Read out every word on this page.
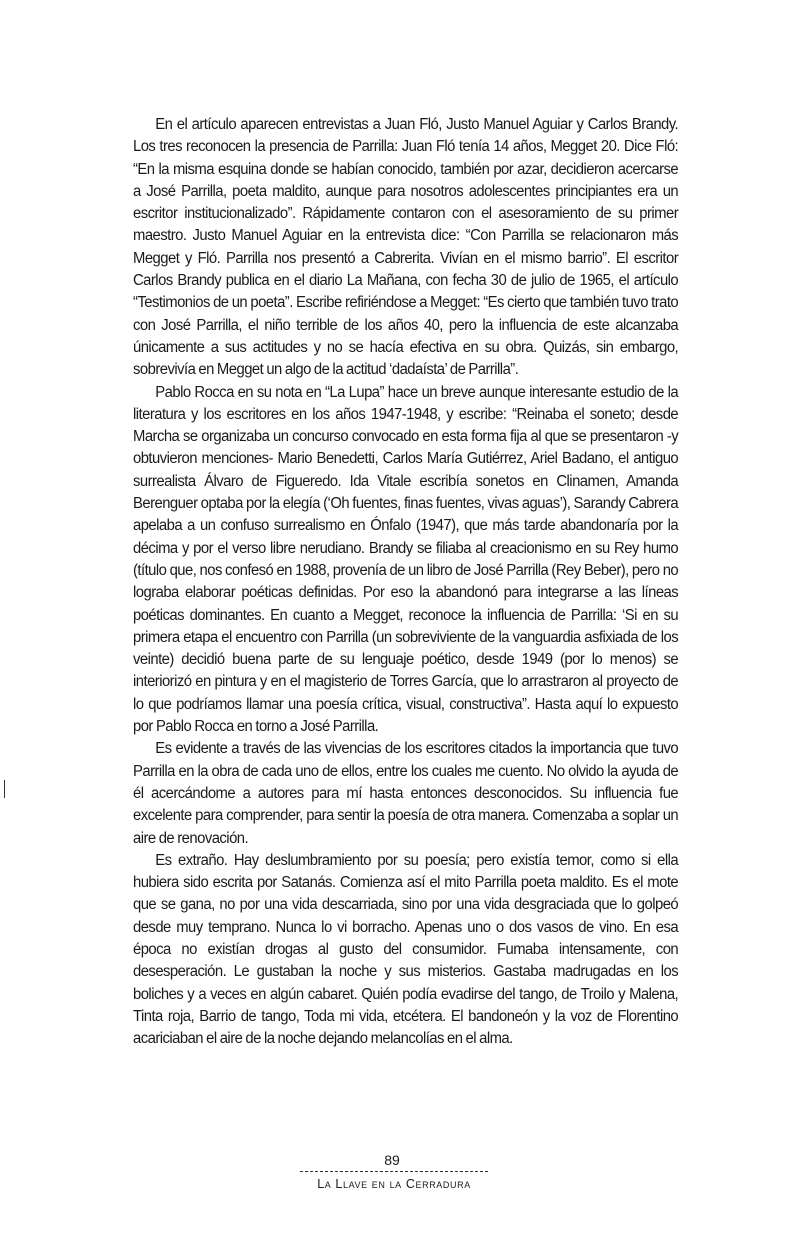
En el artículo aparecen entrevistas a Juan Fló, Justo Manuel Aguiar y Carlos Brandy. Los tres reconocen la presencia de Parrilla: Juan Fló tenía 14 años, Megget 20. Dice Fló: “En la misma esquina donde se habían conocido, también por azar, decidieron acercarse a José Parrilla, poeta maldito, aunque para nosotros adolescentes principiantes era un escritor institucionalizado”. Rápidamente contaron con el asesoramiento de su primer maestro. Justo Manuel Aguiar en la entrevista dice: “Con Parrilla se relacionaron más Megget y Fló. Parrilla nos presentó a Cabrerita. Vivían en el mismo barrio”. El escritor Carlos Brandy publica en el diario La Mañana, con fecha 30 de julio de 1965, el artículo “Testimonios de un poeta”. Escribe refiriéndose a Megget: “Es cierto que también tuvo trato con José Parrilla, el niño terrible de los años 40, pero la influencia de este alcanzaba únicamente a sus actitudes y no se hacía efectiva en su obra. Quizás, sin embargo, sobrevivía en Megget un algo de la actitud ‘dadaísta’ de Parrilla”.

Pablo Rocca en su nota en “La Lupa” hace un breve aunque interesante estudio de la literatura y los escritores en los años 1947-1948, y escribe: “Reinaba el soneto; desde Marcha se organizaba un concurso convocado en esta forma fija al que se presentaron -y obtuvieron menciones- Mario Benedetti, Carlos María Gutiérrez, Ariel Badano, el antiguo surrealista Álvaro de Figueredo. Ida Vitale escribía sonetos en Clinamen, Amanda Berenguer optaba por la elegía (‘Oh fuentes, finas fuentes, vivas aguas’), Sarandy Cabrera apelaba a un confuso surrealismo en Ónfalo (1947), que más tarde abandonaría por la décima y por el verso libre nerudiano. Brandy se filiaba al creacionismo en su Rey humo (título que, nos confesó en 1988, provenía de un libro de José Parrilla (Rey Beber), pero no lograba elaborar poéticas definidas. Por eso la abandonó para integrarse a las líneas poéticas dominantes. En cuanto a Megget, reconoce la influencia de Parrilla: ‘Si en su primera etapa el encuentro con Parrilla (un sobreviviente de la vanguardia asfixiada de los veinte) decidió buena parte de su lenguaje poético, desde 1949 (por lo menos) se interiorizó en pintura y en el magisterio de Torres García, que lo arrastraron al proyecto de lo que podríamos llamar una poesía crítica, visual, constructiva”. Hasta aquí lo expuesto por Pablo Rocca en torno a José Parrilla.

Es evidente a través de las vivencias de los escritores citados la importancia que tuvo Parrilla en la obra de cada uno de ellos, entre los cuales me cuento. No olvido la ayuda de él acercándome a autores para mí hasta entonces desconocidos. Su influencia fue excelente para comprender, para sentir la poesía de otra manera. Comenzaba a soplar un aire de renovación.

Es extraño. Hay deslumbramiento por su poesía; pero existía temor, como si ella hubiera sido escrita por Satanás. Comienza así el mito Parrilla poeta maldito. Es el mote que se gana, no por una vida descarriada, sino por una vida desgraciada que lo golpeó desde muy temprano. Nunca lo vi borracho. Apenas uno o dos vasos de vino. En esa época no existían drogas al gusto del consumidor. Fumaba intensamente, con desesperación. Le gustaban la noche y sus misterios. Gastaba madrugadas en los boliches y a veces en algún cabaret. Quién podía evadirse del tango, de Troilo y Malena, Tinta roja, Barrio de tango, Toda mi vida, etcétera. El bandoneón y la voz de Florentino acariciaban el aire de la noche dejando melancolías en el alma.

89
La Llave en la Cerradura
